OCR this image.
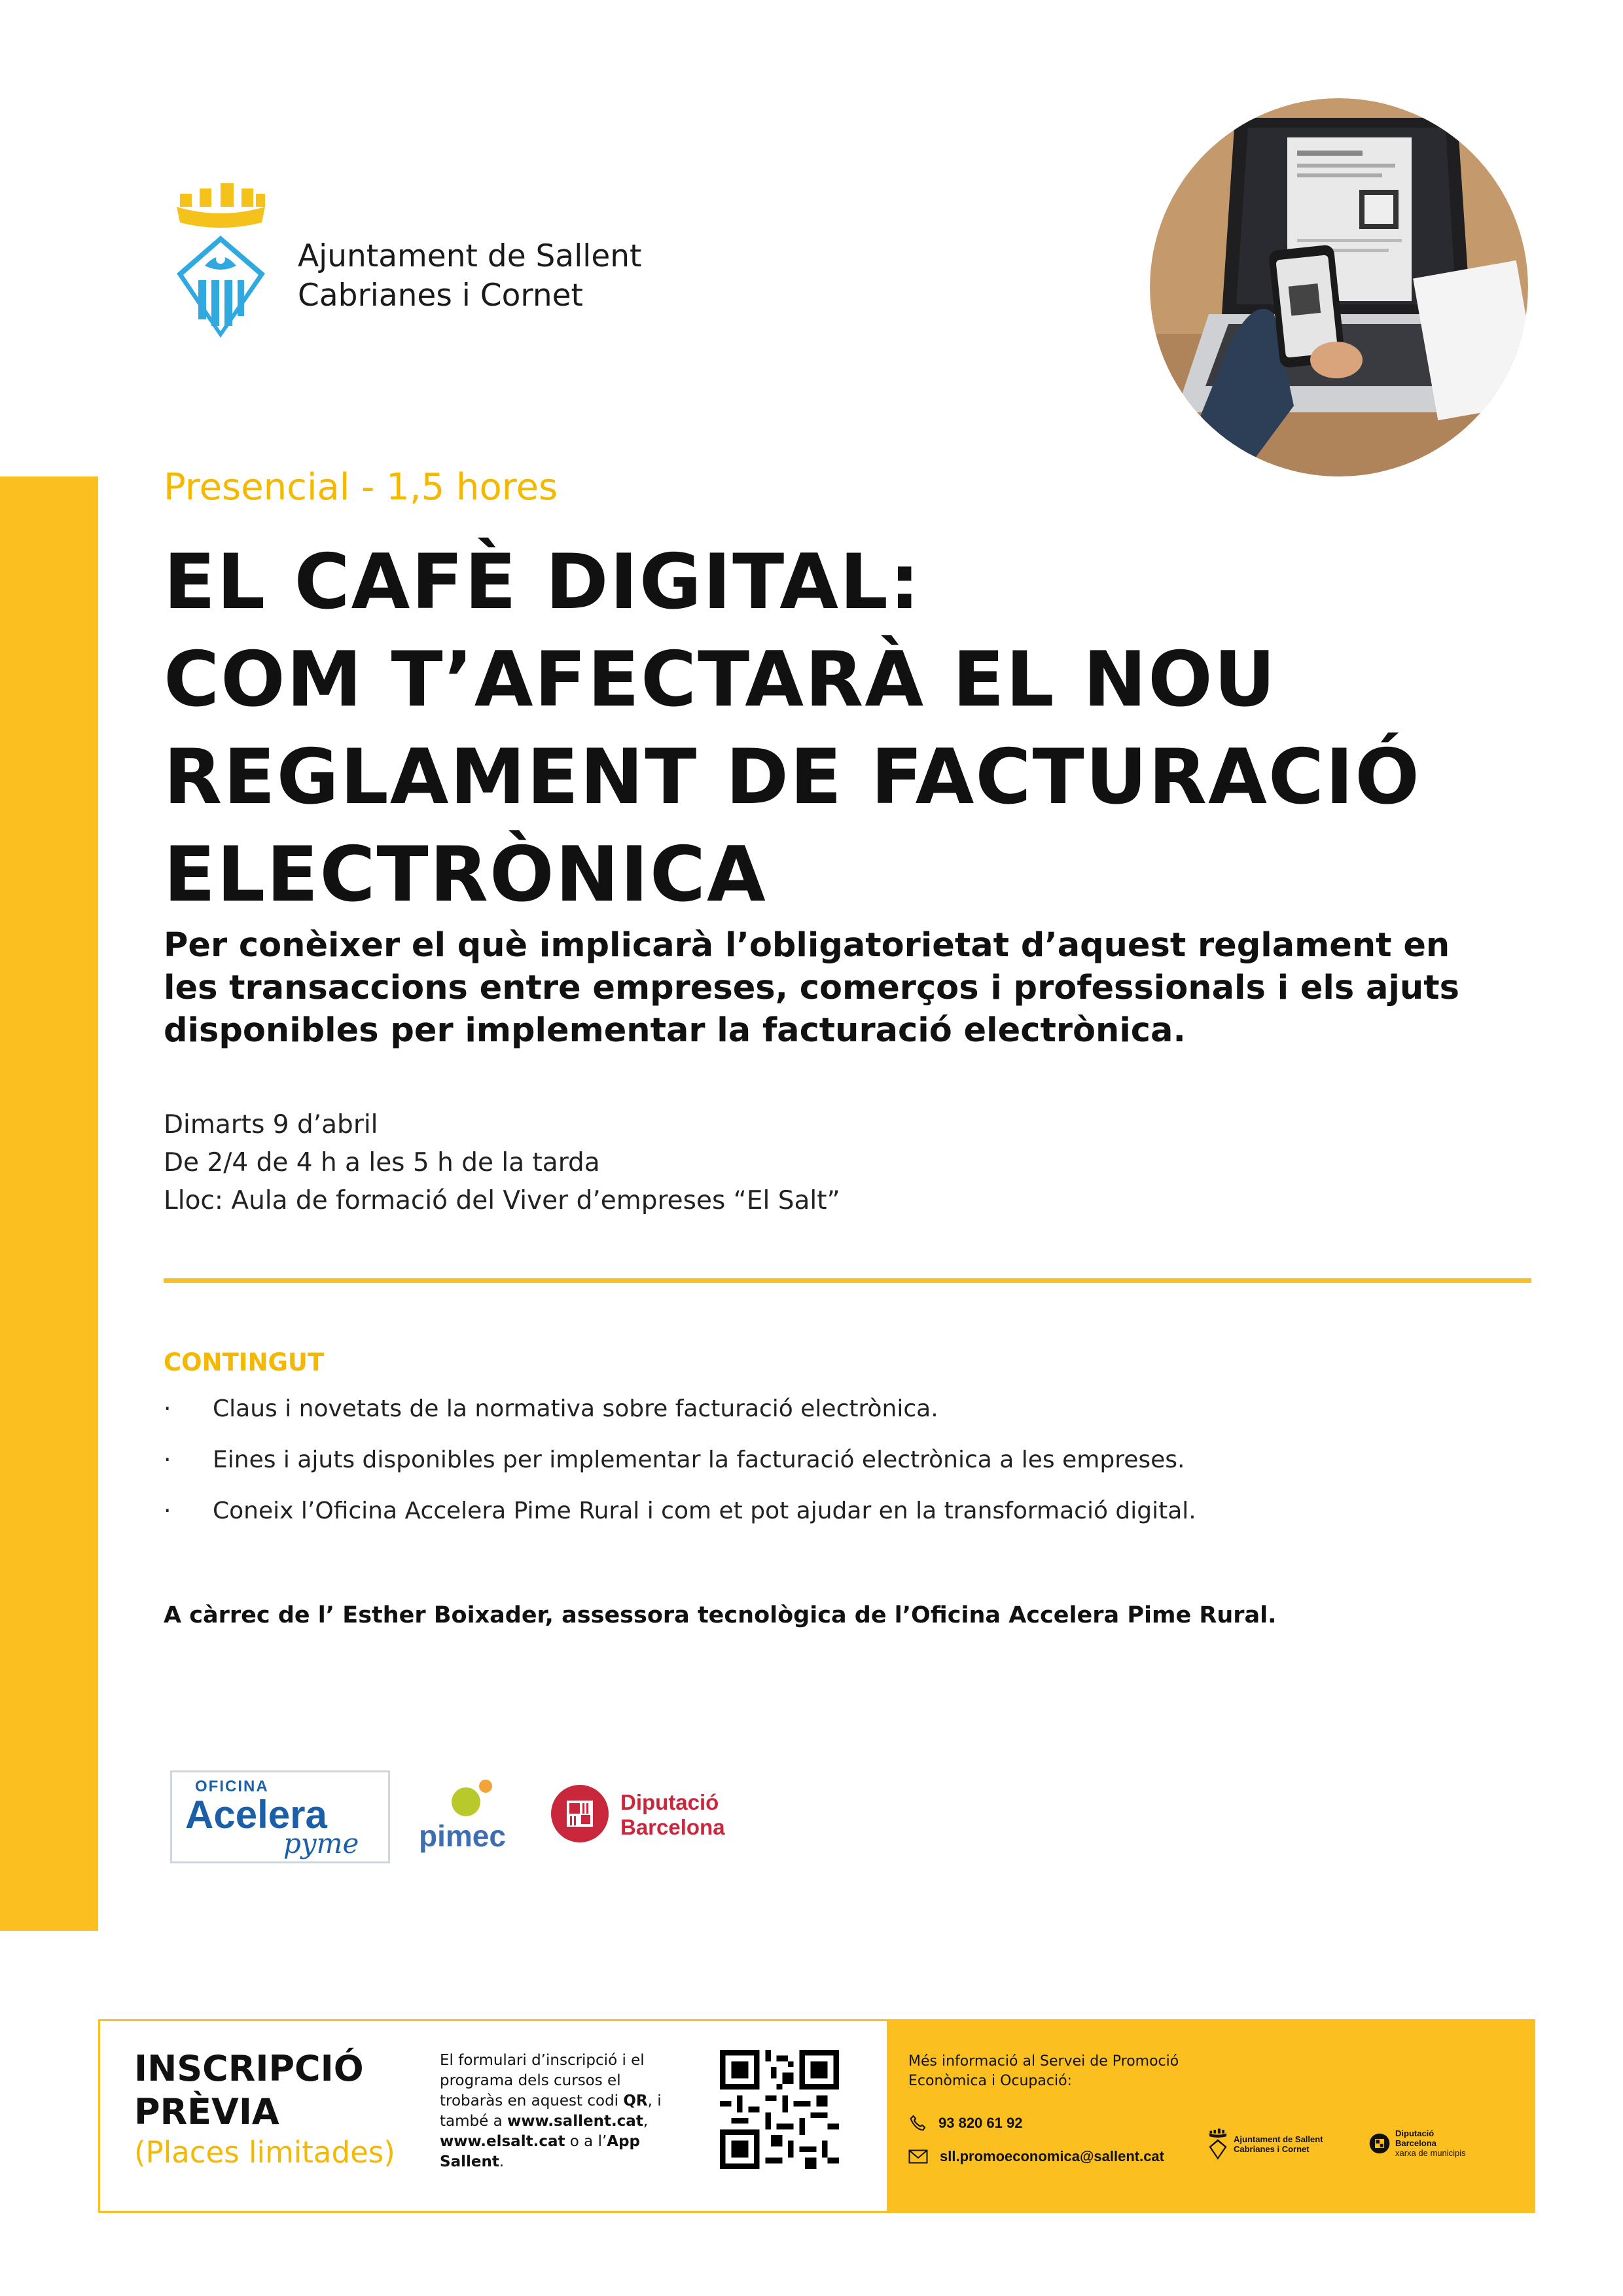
Ajuntament de Sallent
Cabrianes i Cornet
Presencial - 1,5 hores
EL CAFÈ DIGITAL:
COM T’AFECTARÀ EL NOU
REGLAMENT DE FACTURACIÓ
ELECTRÒNICA
Per conèixer el què implicarà l’obligatorietat d’aquest reglament en
les transaccions entre empreses, comerços i professionals i els ajuts
disponibles per implementar la facturació electrònica.
Dimarts 9 d’abril
De 2/4 de 4 h a les 5 h de la tarda
Lloc: Aula de formació del Viver d’empreses “El Salt”
CONTINGUT
·	Claus i novetats de la normativa sobre facturació electrònica.
·	Eines i ajuts disponibles per implementar la facturació electrònica a les empreses.
·	Coneix l’Oficina Accelera Pime Rural i com et pot ajudar en la transformació digital.
A càrrec de l’ Esther Boixader, assessora tecnològica de l’Oficina Accelera Pime Rural.
OFICINA
Acelera
pyme pimec
Diputació
Barcelona
INSCRIPCIÓ
PRÈVIA
(Places limitades)
El formulari d’inscripció i el programa dels cursos el trobaràs en aquest codi QR, i també a www.sallent.cat, www.elsalt.cat o a l’App Sallent.
Més informació al Servei de Promoció Econòmica i Ocupació:
93 820 61 92
sll.promoeconomica@sallent.cat
Ajuntament de Sallent
Cabrianes i Cornet
Diputació
Barcelona
xarxa de municipis
